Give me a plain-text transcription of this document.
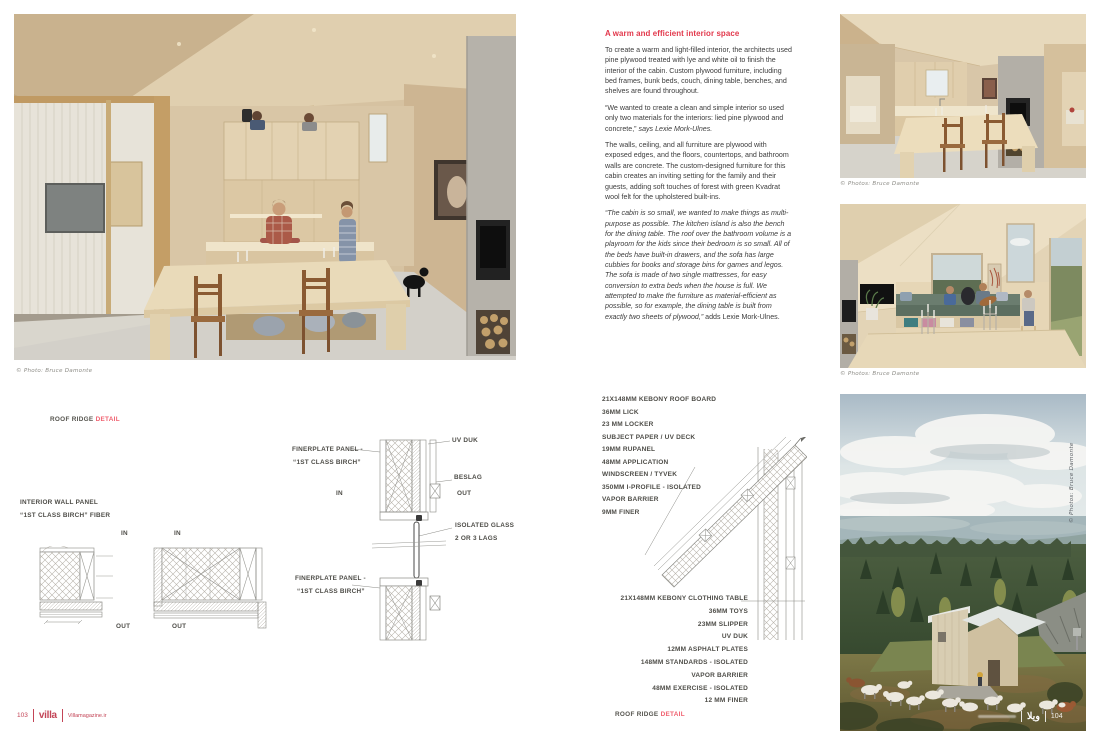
© Photo: Bruce Damonte
ROOF RIDGE DETAIL
INTERIOR WALL PANEL
“1ST CLASS BIRCH” FIBER
IN	IN
OUT	OUT
FINERPLATE PANEL -
“1ST CLASS BIRCH”
UV DUK
BESLAG
IN	OUT
ISOLATED GLASS
2 OR 3 LAGS
FINERPLATE PANEL -
“1ST CLASS BIRCH”
103 villa Villamagazine.ir
A warm and efficient interior space

To create a warm and light-filled interior, the architects used pine plywood treated with lye and white oil to finish the interior of the cabin. Custom plywood furniture, including bed frames, bunk beds, couch, dining table, benches, and shelves are found throughout.

“We wanted to create a clean and simple interior so used only two materials for the interiors: lied pine plywood and concrete,” says Lexie Mork-Ulnes.

The walls, ceiling, and all furniture are plywood with exposed edges, and the floors, countertops, and bathroom walls are concrete. The custom-designed furniture for this cabin creates an inviting setting for the family and their guests, adding soft touches of forest with green Kvadrat wool felt for the upholstered built-ins.

“The cabin is so small, we wanted to make things as multi-purpose as possible. The kitchen island is also the bench for the dining table. The roof over the bathroom volume is a playroom for the kids since their bedroom is so small. All of the beds have built-in drawers, and the sofa has large cubbies for books and storage bins for games and legos. The sofa is made of two single mattresses, for easy conversion to extra beds when the house is full. We attempted to make the furniture as material-efficient as possible, so for example, the dining table is built from exactly two sheets of plywood,” adds Lexie Mork-Ulnes.

21X148MM KEBONY ROOF BOARD
36MM LICK
23 MM LOCKER
SUBJECT PAPER / UV DECK
19MM RUPANEL
48MM APPLICATION
WINDSCREEN / TYVEK
350MM I-PROFILE - ISOLATED
VAPOR BARRIER
9MM FINER
21X148MM KEBONY CLOTHING TABLE
36MM TOYS
23MM SLIPPER
UV DUK
12MM ASPHALT PLATES
148MM STANDARDS - ISOLATED
VAPOR BARRIER
48MM EXERCISE - ISOLATED
12 MM FINER
ROOF RIDGE DETAIL
© Photos: Bruce Damonte
© Photos: Bruce Damonte
© Photos: Bruce Damonte
ویلا 104
